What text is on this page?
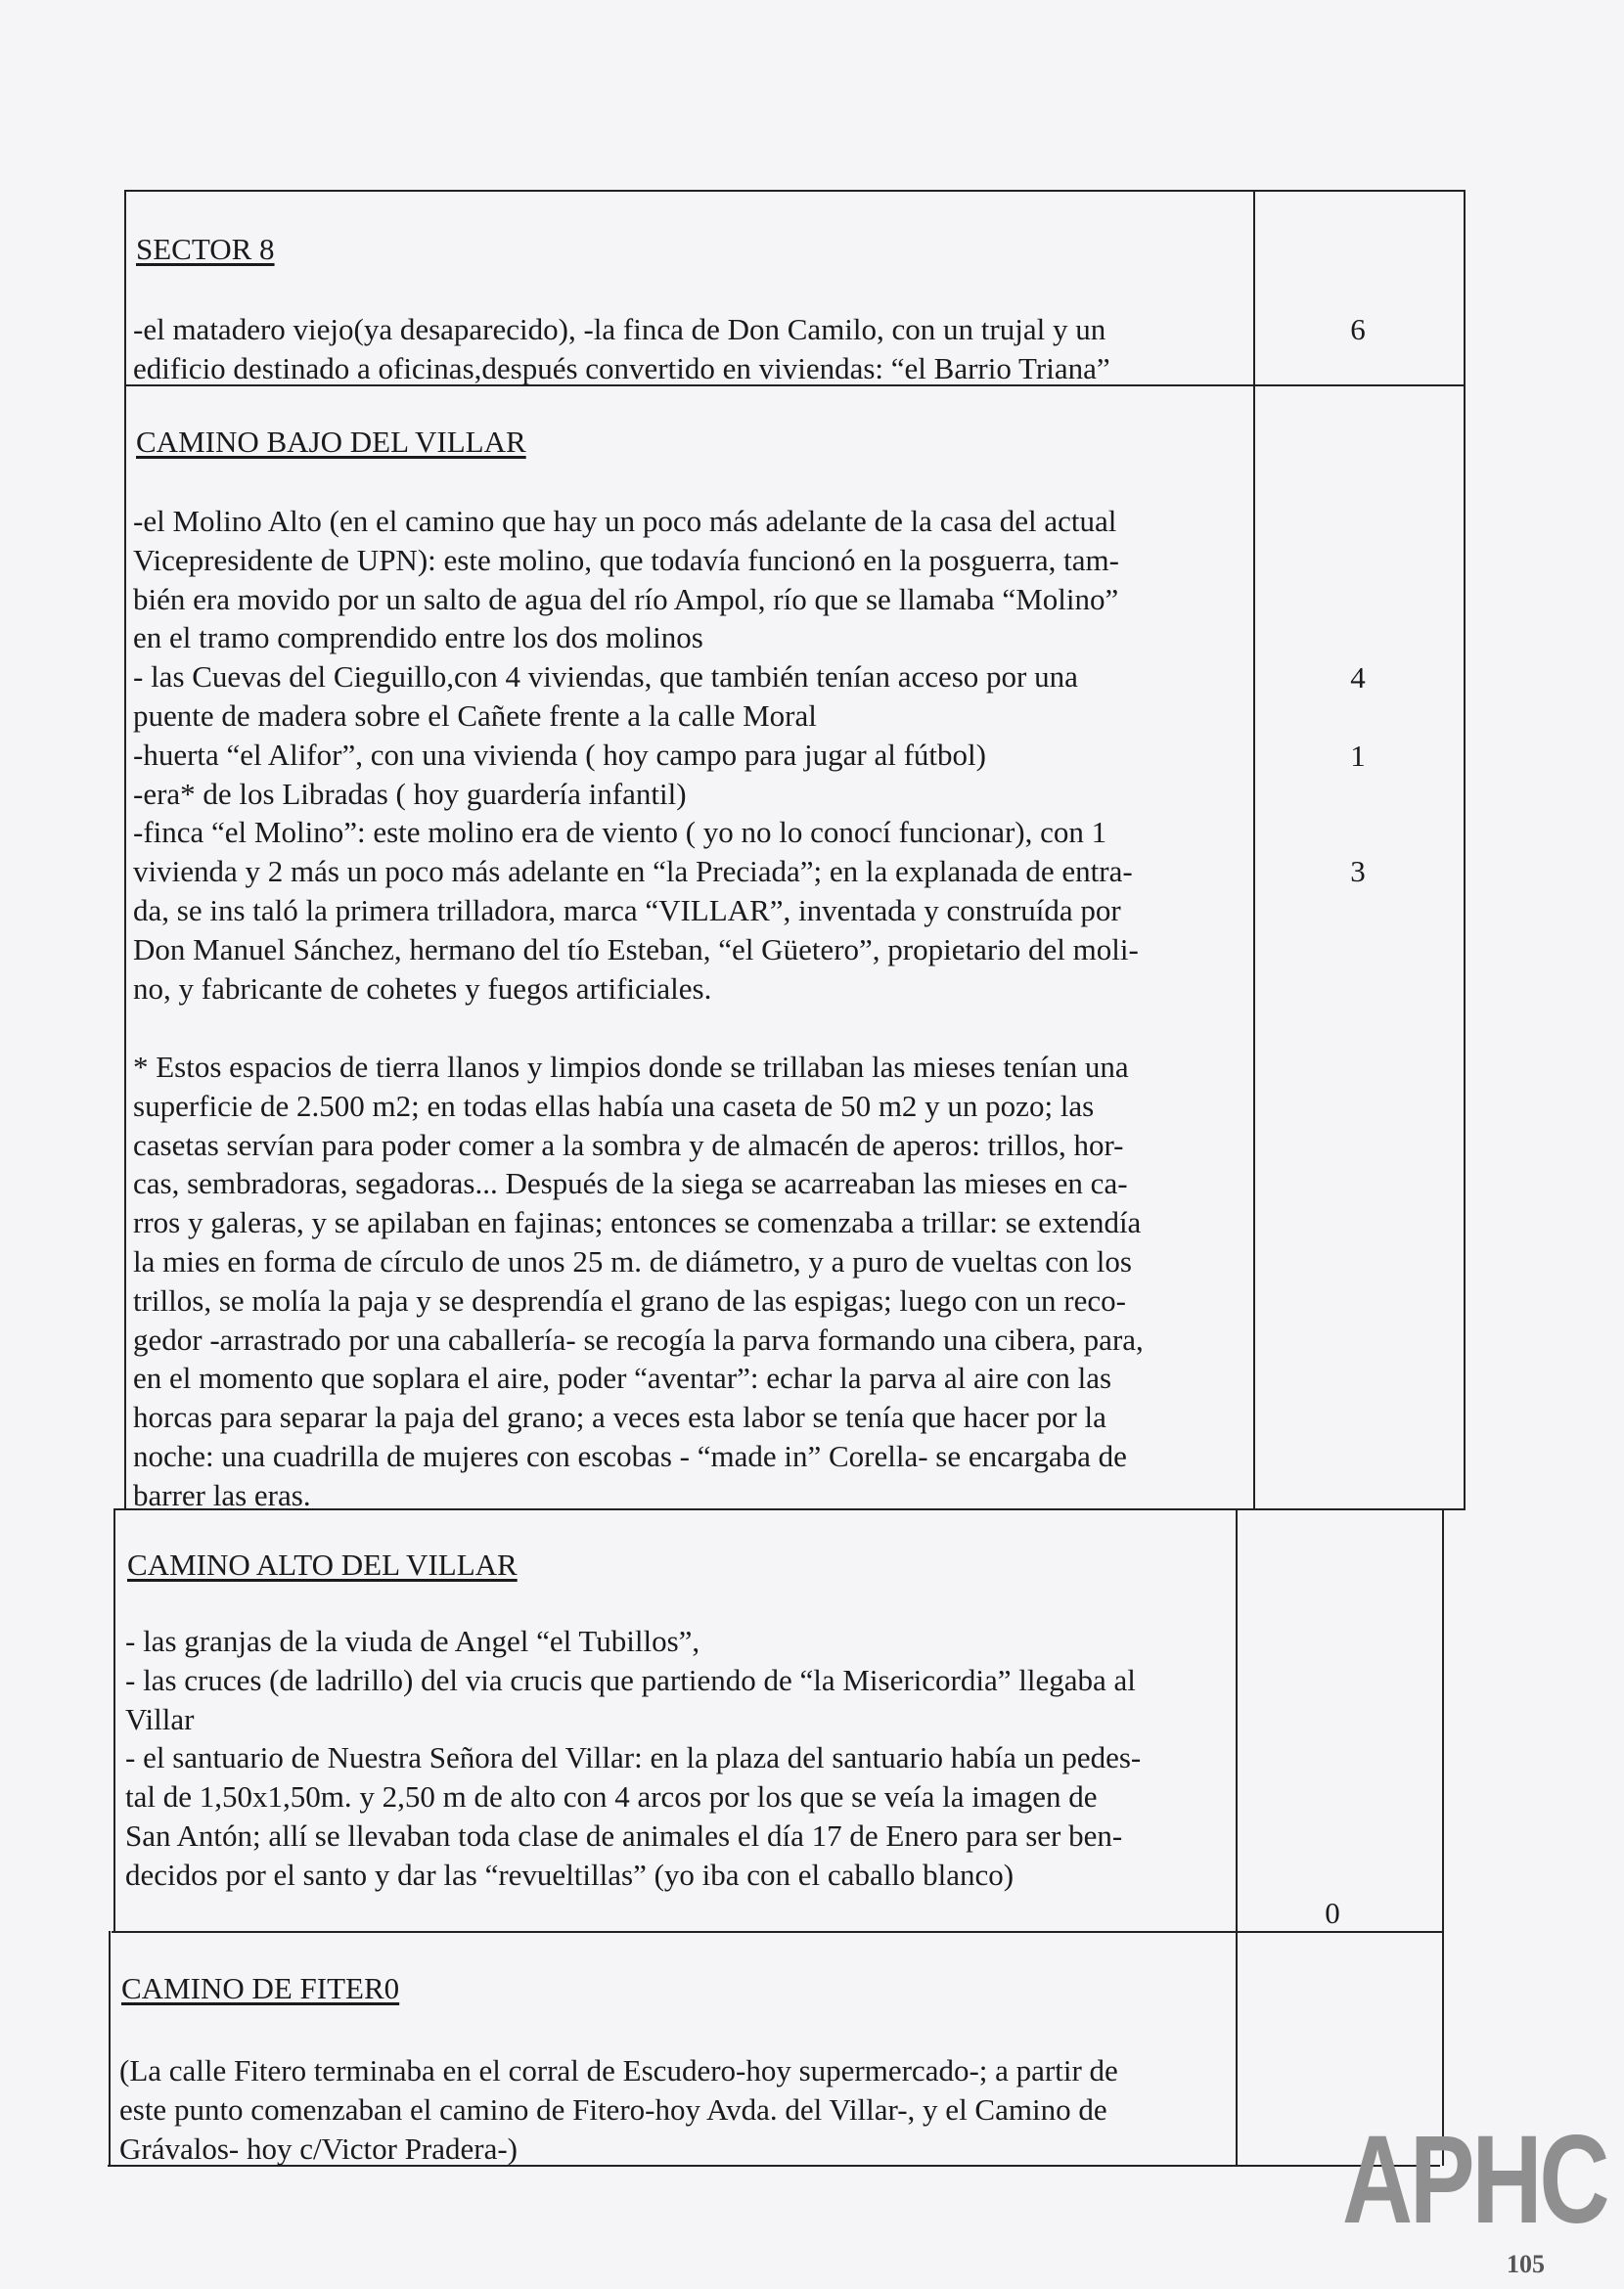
SECTOR 8
-el matadero viejo(ya desaparecido), -la finca de Don Camilo, con un trujal y un
edificio destinado a oficinas,después convertido en viviendas: “el Barrio Triana”
6
CAMINO BAJO DEL VILLAR
-el Molino Alto (en el camino que hay un poco más adelante de la casa del actual
Vicepresidente de UPN): este molino, que todavía funcionó en la posguerra, tam-
bién era movido por un salto de agua del río Ampol, río que se llamaba “Molino”
en el tramo comprendido entre los dos molinos
- las Cuevas del Cieguillo,con 4 viviendas, que también tenían acceso por una
puente de madera sobre el Cañete frente a la calle Moral
-huerta “el Alifor”, con una vivienda ( hoy campo para jugar al fútbol)
-era* de los Libradas ( hoy guardería infantil)
-finca “el Molino”: este molino era de viento ( yo no lo conocí funcionar), con 1
vivienda y 2 más un poco más adelante en “la Preciada”; en la explanada de entra-
da, se ins taló la primera trilladora, marca “VILLAR”, inventada y construída por
Don Manuel Sánchez, hermano del tío Esteban, “el Güetero”, propietario del moli-
no, y fabricante de cohetes y fuegos artificiales.
* Estos espacios de tierra llanos y limpios donde se trillaban las mieses tenían una
superficie de 2.500 m2; en todas ellas había una caseta de 50 m2 y un pozo; las
casetas servían para poder comer a la sombra y de almacén de aperos: trillos, hor-
cas, sembradoras, segadoras... Después de la siega se acarreaban las mieses en ca-
rros y galeras, y se apilaban en fajinas; entonces se comenzaba a trillar: se extendía
la mies en forma de círculo de unos 25 m. de diámetro, y a puro de vueltas con los
trillos, se molía la paja y se desprendía el grano de las espigas; luego con un reco-
gedor -arrastrado por una caballería- se recogía la parva formando una cibera, para,
en el momento que soplara el aire, poder “aventar”: echar la parva al aire con las
horcas para separar la paja del grano; a veces esta labor se tenía que hacer por la
noche: una cuadrilla de mujeres con escobas - “made in” Corella- se encargaba de
barrer las eras.
4
1
3
CAMINO ALTO DEL VILLAR
- las granjas de la viuda de Angel “el Tubillos”,
- las cruces (de ladrillo) del via crucis que partiendo de “la Misericordia” llegaba al
Villar
- el santuario de Nuestra Señora del Villar: en la plaza del santuario había un pedes-
tal de 1,50x1,50m. y 2,50 m de alto con 4 arcos por los que se veía la imagen de
San Antón; allí se llevaban toda clase de animales el día 17 de Enero para ser ben-
decidos por el santo y dar las “revueltillas” (yo iba con el caballo blanco)
0
CAMINO DE FITER0
(La calle Fitero terminaba en el corral de Escudero-hoy supermercado-; a partir de
este punto comenzaban el camino de Fitero-hoy Avda. del Villar-, y el Camino de
Grávalos- hoy c/Victor Pradera-)	APHC
105
